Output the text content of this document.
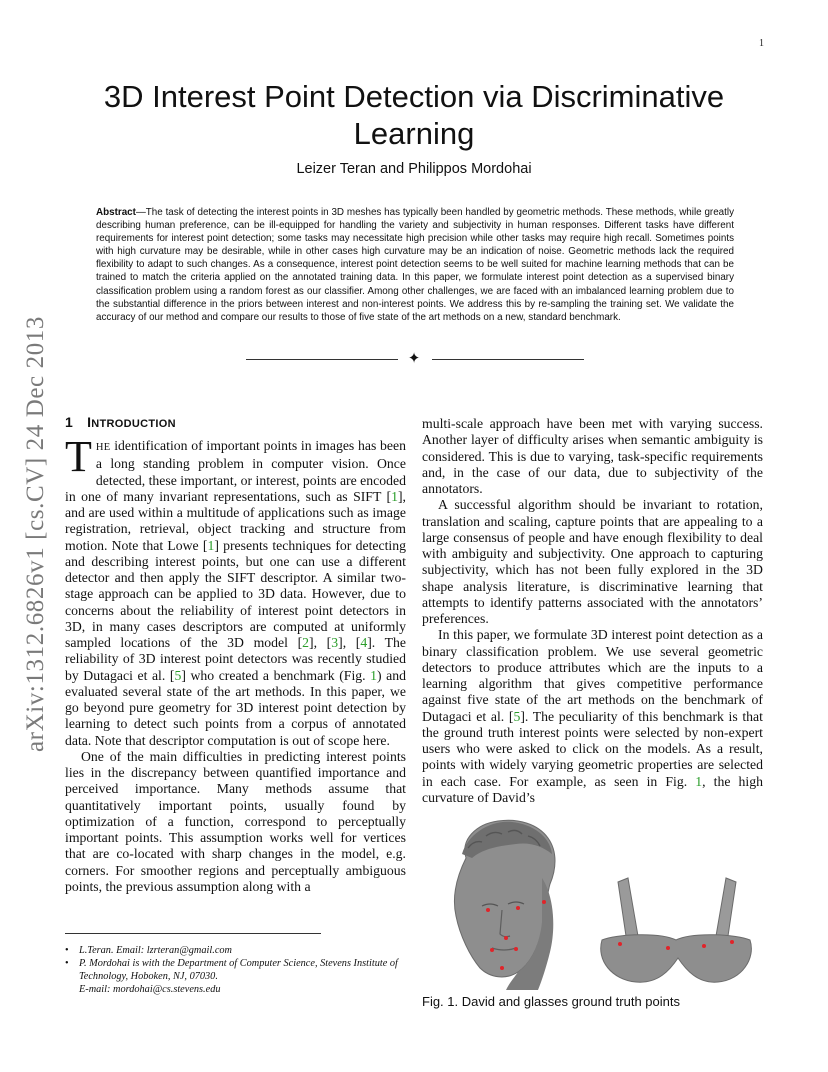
1
arXiv:1312.6826v1 [cs.CV] 24 Dec 2013
3D Interest Point Detection via Discriminative Learning
Leizer Teran and Philippos Mordohai
Abstract—The task of detecting the interest points in 3D meshes has typically been handled by geometric methods. These methods, while greatly describing human preference, can be ill-equipped for handling the variety and subjectivity in human responses. Different tasks have different requirements for interest point detection; some tasks may necessitate high precision while other tasks may require high recall. Sometimes points with high curvature may be desirable, while in other cases high curvature may be an indication of noise. Geometric methods lack the required flexibility to adapt to such changes. As a consequence, interest point detection seems to be well suited for machine learning methods that can be trained to match the criteria applied on the annotated training data. In this paper, we formulate interest point detection as a supervised binary classification problem using a random forest as our classifier. Among other challenges, we are faced with an imbalanced learning problem due to the substantial difference in the priors between interest and non-interest points. We address this by re-sampling the training set. We validate the accuracy of our method and compare our results to those of five state of the art methods on a new, standard benchmark.
✦
1 INTRODUCTION

THE identification of important points in images has been a long standing problem in computer vision. Once detected, these important, or interest, points are encoded in one of many invariant representations, such as SIFT [1], and are used within a multitude of applications such as image registration, retrieval, object tracking and structure from motion. Note that Lowe [1] presents techniques for detecting and describing interest points, but one can use a different detector and then apply the SIFT descriptor. A similar two-stage approach can be applied to 3D data. However, due to concerns about the reliability of interest point detectors in 3D, in many cases descriptors are computed at uniformly sampled locations of the 3D model [2], [3], [4]. The reliability of 3D interest point detectors was recently studied by Dutagaci et al. [5] who created a benchmark (Fig. 1) and evaluated several state of the art methods. In this paper, we go beyond pure geometry for 3D interest point detection by learning to detect such points from a corpus of annotated data. Note that descriptor computation is out of scope here.

One of the main difficulties in predicting interest points lies in the discrepancy between quantified importance and perceived importance. Many methods assume that quantitatively important points, usually found by optimization of a function, correspond to perceptually important points. This assumption works well for vertices that are co-located with sharp changes in the model, e.g. corners. For smoother regions and perceptually ambiguous points, the previous assumption along with a

multi-scale approach have been met with varying success. Another layer of difficulty arises when semantic ambiguity is considered. This is due to varying, task-specific requirements and, in the case of our data, due to subjectivity of the annotators.

A successful algorithm should be invariant to rotation, translation and scaling, capture points that are appealing to a large consensus of people and have enough flexibility to deal with ambiguity and subjectivity. One approach to capturing subjectivity, which has not been fully explored in the 3D shape analysis literature, is discriminative learning that attempts to identify patterns associated with the annotators’ preferences.

In this paper, we formulate 3D interest point detection as a binary classification problem. We use several geometric detectors to produce attributes which are the inputs to a learning algorithm that gives competitive performance against five state of the art methods on the benchmark of Dutagaci et al. [5]. The peculiarity of this benchmark is that the ground truth interest points were selected by non-expert users who were asked to click on the models. As a result, points with widely varying geometric properties are selected in each case. For example, as seen in Fig. 1, the high curvature of David’s

• L.Teran. Email: lzrteran@gmail.com
• P. Mordohai is with the Department of Computer Science, Stevens Institute of Technology, Hoboken, NJ, 07030.
E-mail: mordohai@cs.stevens.edu
Fig. 1. David and glasses ground truth points
